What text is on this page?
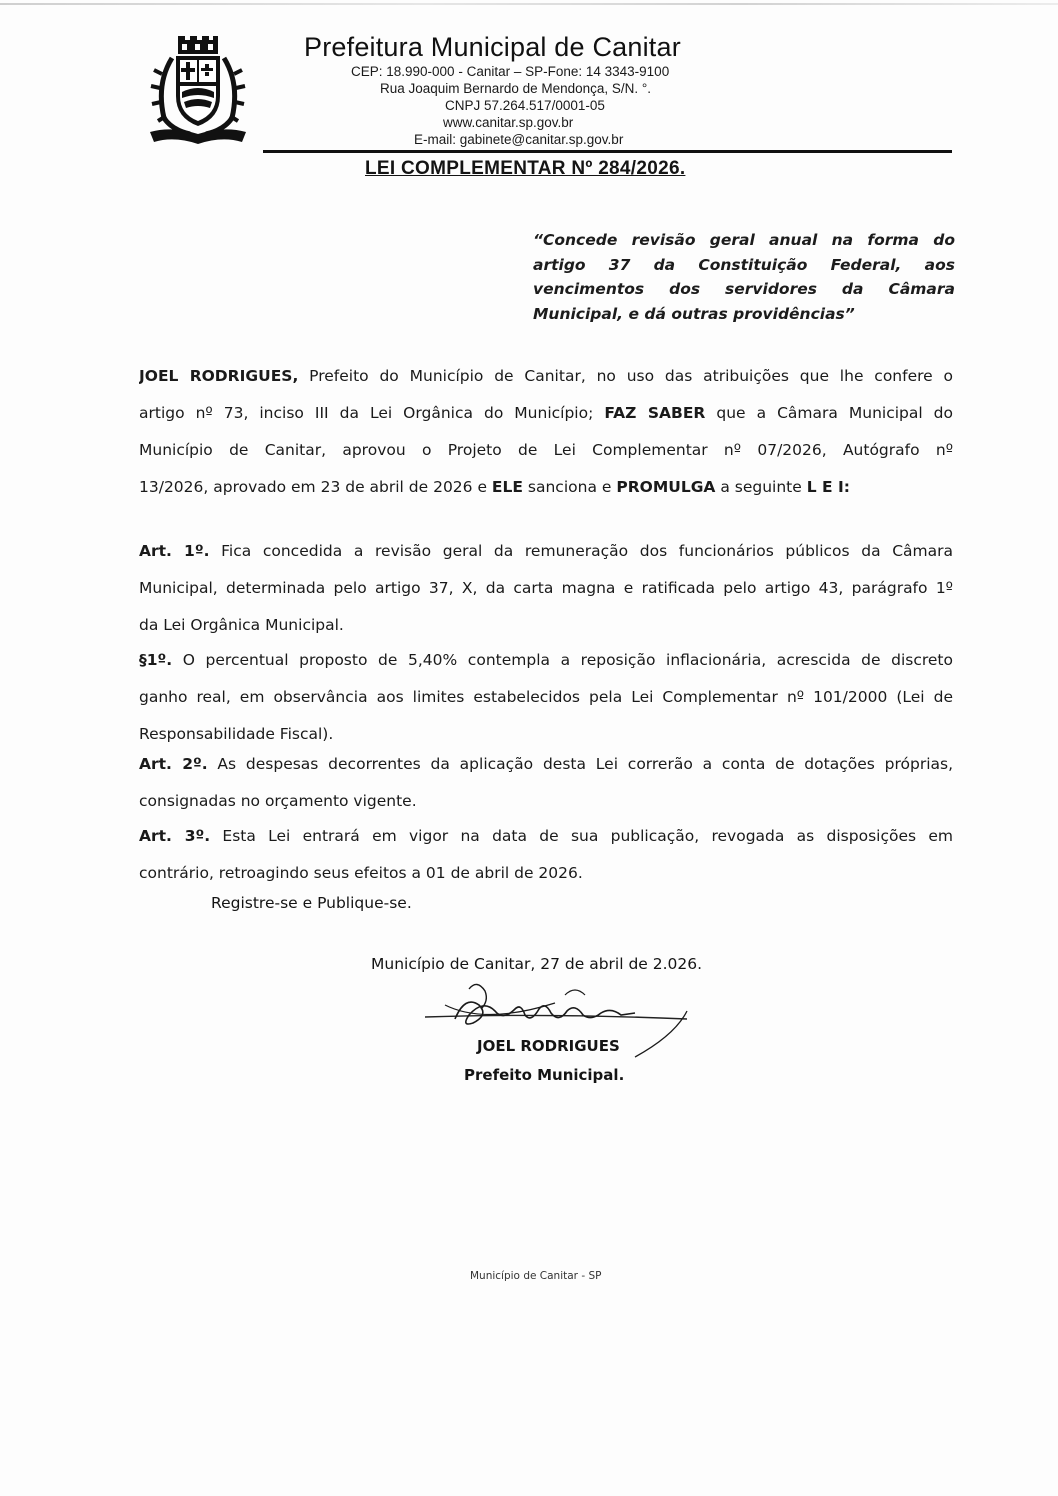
Prefeitura Municipal de Canitar
CEP: 18.990-000 - Canitar – SP-Fone: 14 3343-9100
Rua Joaquim Bernardo de Mendonça, S/N. °.
CNPJ 57.264.517/0001-05
www.canitar.sp.gov.br
E-mail: gabinete@canitar.sp.gov.br
LEI COMPLEMENTAR Nº 284/2026.
“Concede revisão geral anual na forma do artigo 37 da Constituição Federal, aos vencimentos dos servidores da Câmara Municipal, e dá outras providências”
JOEL RODRIGUES, Prefeito do Município de Canitar, no uso das atribuições que lhe confere o
artigo nº 73, inciso III da Lei Orgânica do Município; FAZ SABER que a Câmara Municipal do
Município de Canitar, aprovou o Projeto de Lei Complementar nº 07/2026, Autógrafo nº
13/2026, aprovado em 23 de abril de 2026 e ELE sanciona e PROMULGA a seguinte L E I:
Art. 1º. Fica concedida a revisão geral da remuneração dos funcionários públicos da Câmara
Municipal, determinada pelo artigo 37, X, da carta magna e ratificada pelo artigo 43, parágrafo 1º
da Lei Orgânica Municipal.
§1º. O percentual proposto de 5,40% contempla a reposição inflacionária, acrescida de discreto
ganho real, em observância aos limites estabelecidos pela Lei Complementar nº 101/2000 (Lei de
Responsabilidade Fiscal).
Art. 2º. As despesas decorrentes da aplicação desta Lei correrão a conta de dotações próprias,
consignadas no orçamento vigente.
Art. 3º. Esta Lei entrará em vigor na data de sua publicação, revogada as disposições em
contrário, retroagindo seus efeitos a 01 de abril de 2026.
Registre-se e Publique-se.
Município de Canitar, 27 de abril de 2.026.
JOEL RODRIGUES
Prefeito Municipal.
Município de Canitar - SP
